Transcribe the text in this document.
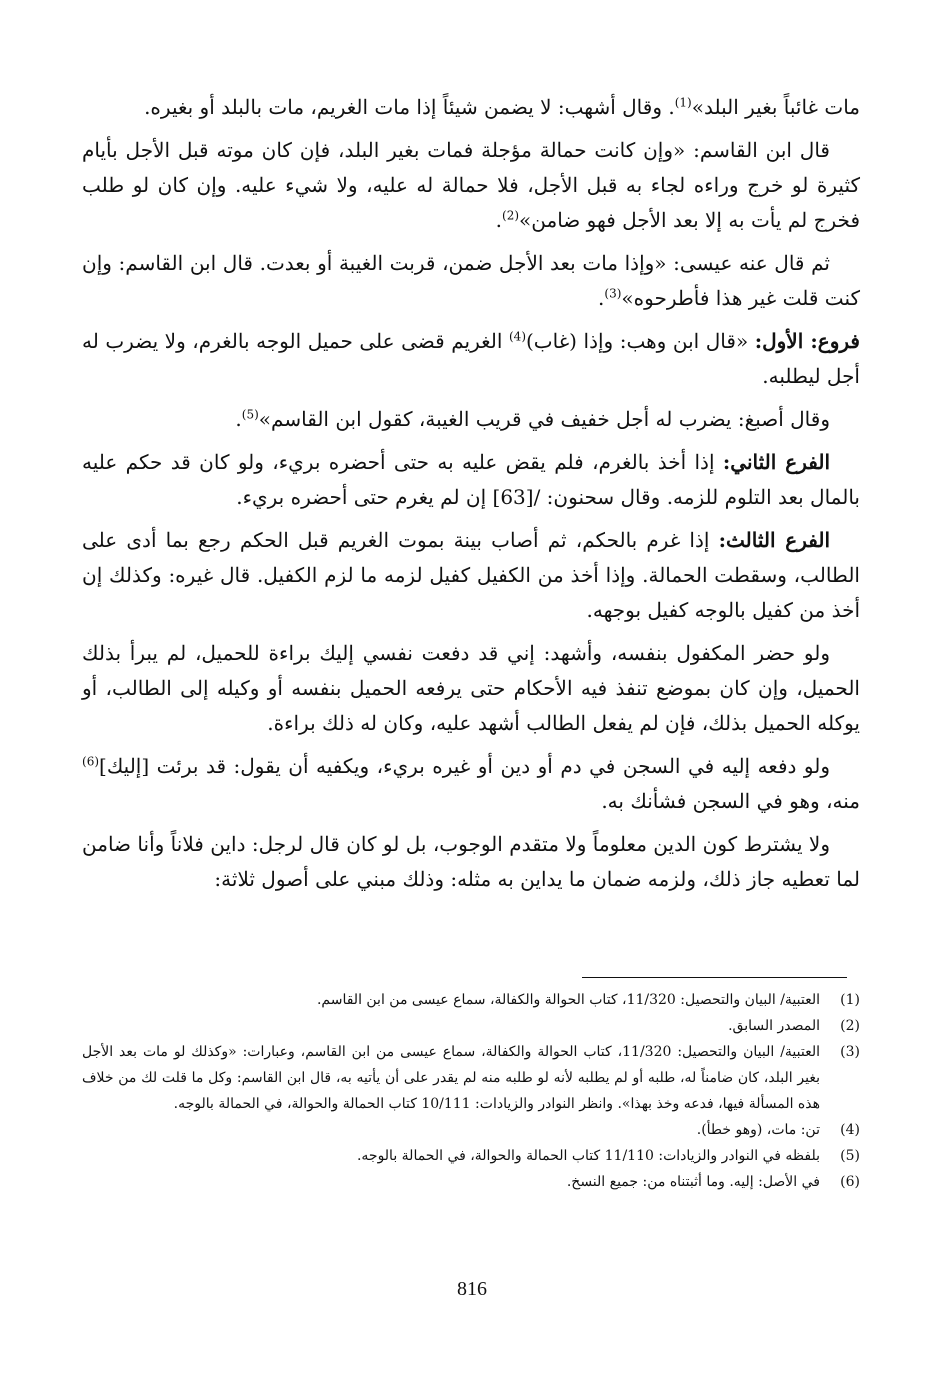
مات غائباً بغير البلد»$^{(1)}$. وقال أشهب: لا يضمن شيئاً إذا مات الغريم، مات بالبلد أو بغيره.

قال ابن القاسم: «وإن كانت حمالة مؤجلة فمات بغير البلد، فإن كان موته قبل الأجل بأيام كثيرة لو خرج وراءه لجاء به قبل الأجل، فلا حمالة له عليه، ولا شيء عليه. وإن كان لو طلب فخرج لم يأت به إلا بعد الأجل فهو ضامن»$^{(2)}$.

ثم قال عنه عيسى: «وإذا مات بعد الأجل ضمن، قربت الغيبة أو بعدت. قال ابن القاسم: وإن كنت قلت غير هذا فأطرحوه»$^{(3)}$.

فروع: الأول: «قال ابن وهب: وإذا (غاب)$^{(4)}$ الغريم قضى على حميل الوجه بالغرم، ولا يضرب له أجل ليطلبه.

وقال أصبغ: يضرب له أجل خفيف في قريب الغيبة، كقول ابن القاسم»$^{(5)}$.

الفرع الثاني: إذا أخذ بالغرم، فلم يقض عليه به حتى أحضره بريء، ولو كان قد حكم عليه بالمال بعد التلوم للزمه. وقال سحنون: /[63] إن لم يغرم حتى أحضره بريء.

الفرع الثالث: إذا غرم بالحكم، ثم أصاب بينة بموت الغريم قبل الحكم رجع بما أدى على الطالب، وسقطت الحمالة. وإذا أخذ من الكفيل كفيل لزمه ما لزم الكفيل. قال غيره: وكذلك إن أخذ من كفيل بالوجه كفيل بوجهه.

ولو حضر المكفول بنفسه، وأشهد: إني قد دفعت نفسي إليك براءة للحميل، لم يبرأ بذلك الحميل، وإن كان بموضع تنفذ فيه الأحكام حتى يرفعه الحميل بنفسه أو وكيله إلى الطالب، أو يوكله الحميل بذلك، فإن لم يفعل الطالب أشهد عليه، وكان له ذلك براءة.

ولو دفعه إليه في السجن في دم أو دين أو غيره بريء، ويكفيه أن يقول: قد برئت [إليك]$^{(6)}$ منه، وهو في السجن فشأنك به.

ولا يشترط كون الدين معلوماً ولا متقدم الوجوب، بل لو كان قال لرجل: داين فلاناً وأنا ضامن لما تعطيه جاز ذلك، ولزمه ضمان ما يداين به مثله: وذلك مبني على أصول ثلاثة:

(1)
العتبية/ البيان والتحصيل: 11/320، كتاب الحوالة والكفالة، سماع عيسى من ابن القاسم.
(2)
المصدر السابق.
(3)
العتبية/ البيان والتحصيل: 11/320، كتاب الحوالة والكفالة، سماع عيسى من ابن القاسم، وعبارات: «وكذلك لو مات بعد الأجل بغير البلد، كان ضامناً له، طلبه أو لم يطلبه لأنه لو طلبه منه لم يقدر على أن يأتيه به، قال ابن القاسم: وكل ما قلت لك من خلاف هذه المسألة فيها، فدعه وخذ بهذا». وانظر النوادر والزيادات: 10/111 كتاب الحمالة والحوالة، في الحمالة بالوجه.
(4)
تن: مات، (وهو خطأ).
(5)
بلفظه في النوادر والزيادات: 11/110 كتاب الحمالة والحوالة، في الحمالة بالوجه.
(6)
في الأصل: إليه. وما أثبتناه من: جميع النسخ.
816
